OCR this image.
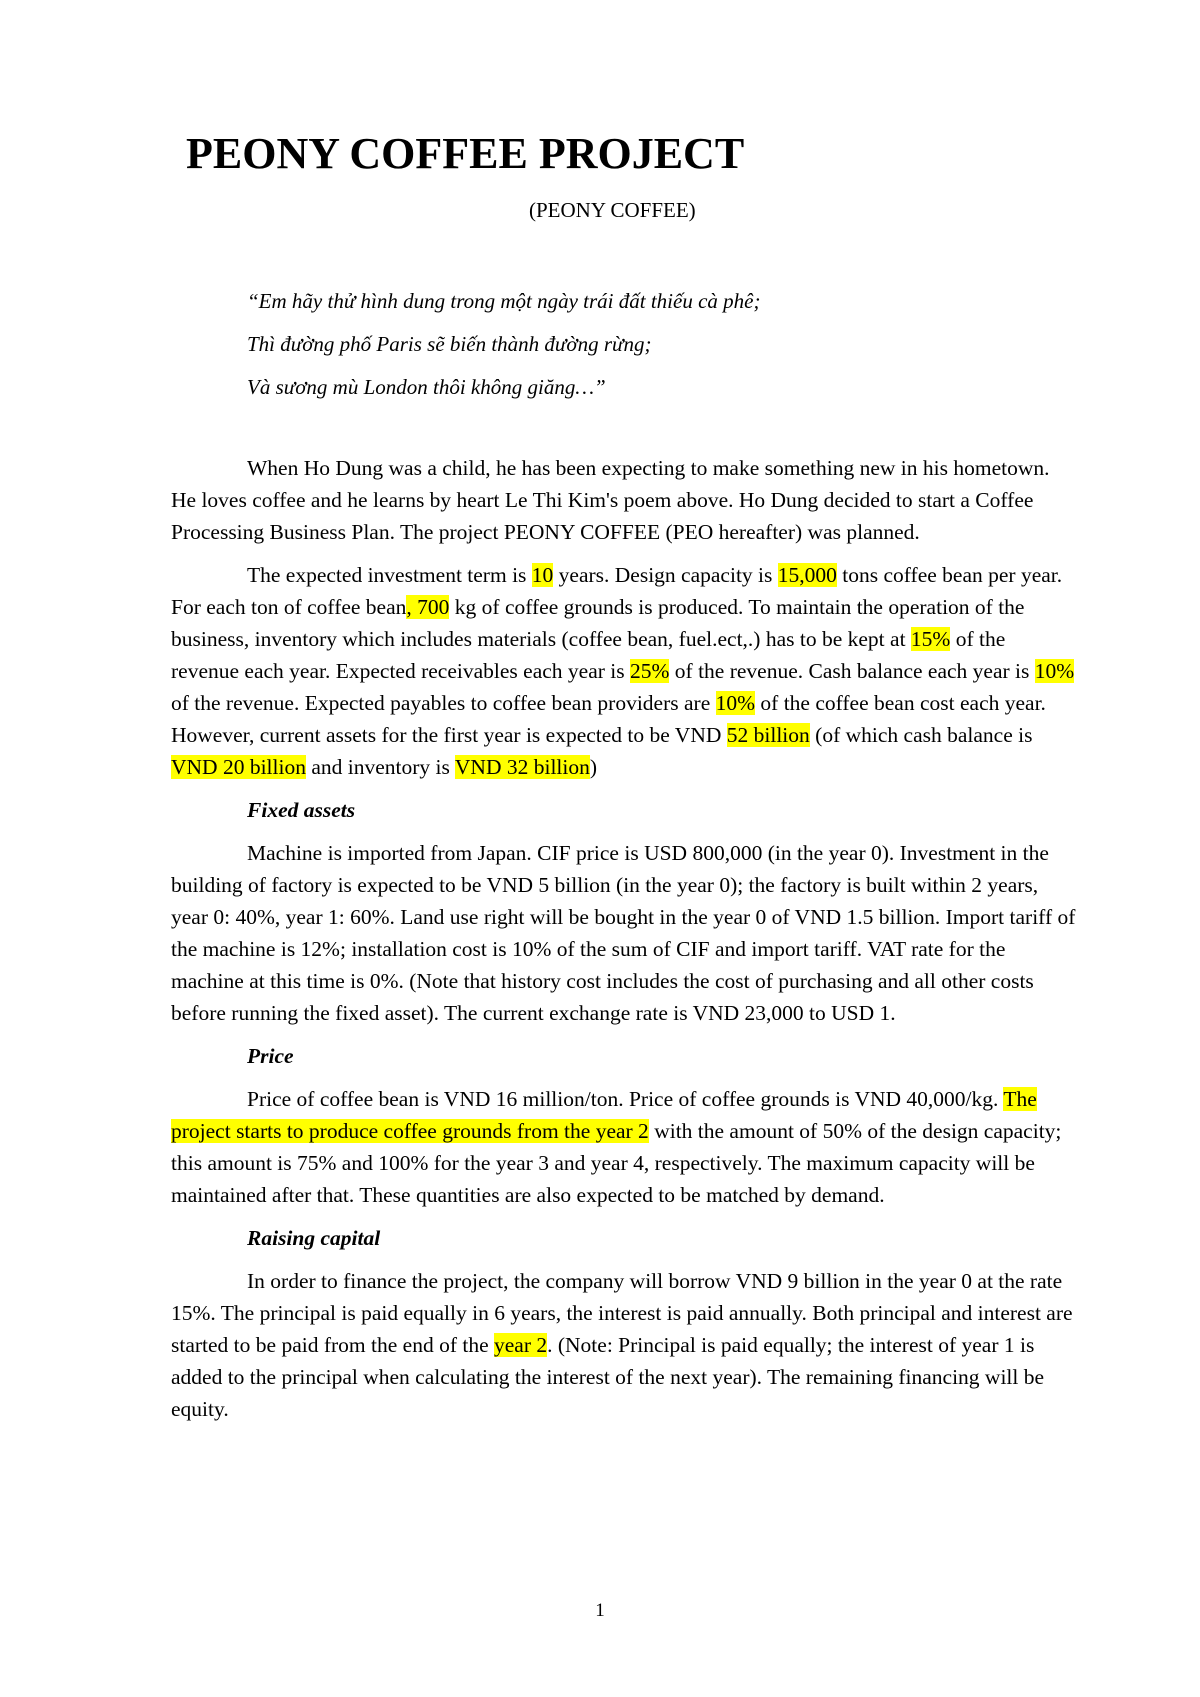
PEONY COFFEE PROJECT
(PEONY COFFEE)
“Em hãy thử hình dung trong một ngày trái đất thiếu cà phê;
Thì đường phố Paris sẽ biến thành đường rừng;
Và sương mù London thôi không giăng…”

When Ho Dung was a child, he has been expecting to make something new in his hometown. He loves coffee and he learns by heart Le Thi Kim's poem above. Ho Dung decided to start a Coffee Processing Business Plan. The project PEONY COFFEE (PEO hereafter) was planned.

The expected investment term is 10 years. Design capacity is 15,000 tons coffee bean per year. For each ton of coffee bean, 700 kg of coffee grounds is produced. To maintain the operation of the business, inventory which includes materials (coffee bean, fuel.ect,.) has to be kept at 15% of the revenue each year. Expected receivables each year is 25% of the revenue. Cash balance each year is 10% of the revenue. Expected payables to coffee bean providers are 10% of the coffee bean cost each year. However, current assets for the first year is expected to be VND 52 billion (of which cash balance is VND 20 billion and inventory is VND 32 billion)

Fixed assets

Machine is imported from Japan. CIF price is USD 800,000 (in the year 0). Investment in the building of factory is expected to be VND 5 billion (in the year 0); the factory is built within 2 years, year 0: 40%, year 1: 60%. Land use right will be bought in the year 0 of VND 1.5 billion. Import tariff of the machine is 12%; installation cost is 10% of the sum of CIF and import tariff. VAT rate for the machine at this time is 0%. (Note that history cost includes the cost of purchasing and all other costs before running the fixed asset). The current exchange rate is VND 23,000 to USD 1.

Price

Price of coffee bean is VND 16 million/ton. Price of coffee grounds is VND 40,000/kg. The project starts to produce coffee grounds from the year 2 with the amount of 50% of the design capacity; this amount is 75% and 100% for the year 3 and year 4, respectively. The maximum capacity will be maintained after that. These quantities are also expected to be matched by demand.

Raising capital

In order to finance the project, the company will borrow VND 9 billion in the year 0 at the rate 15%. The principal is paid equally in 6 years, the interest is paid annually. Both principal and interest are started to be paid from the end of the year 2. (Note: Principal is paid equally; the interest of year 1 is added to the principal when calculating the interest of the next year). The remaining financing will be equity.

1
